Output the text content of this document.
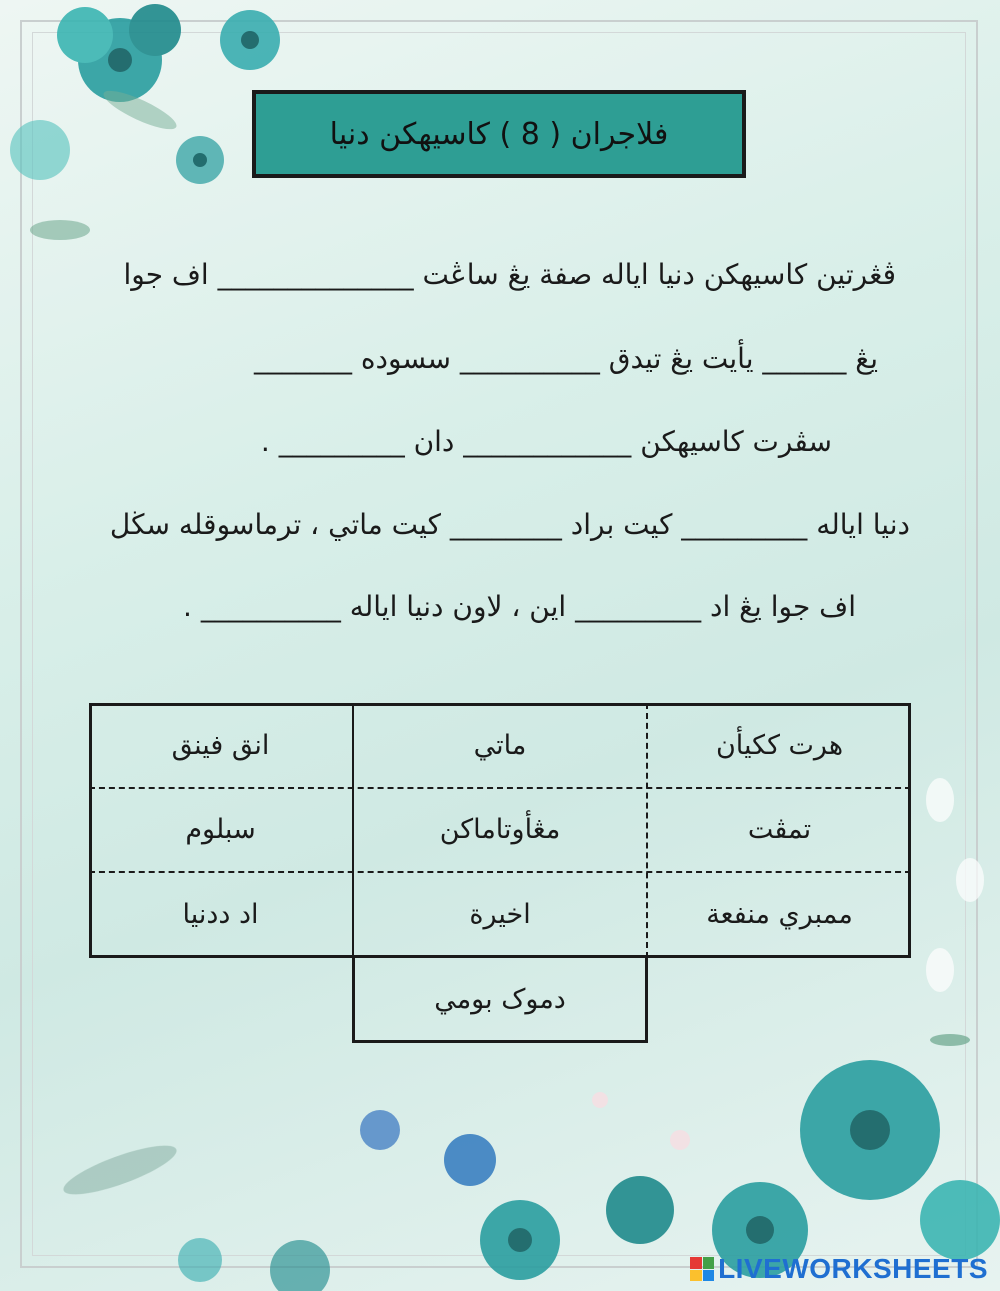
فلاجران ( 8 ) كاسيهكن دنيا
ڤڠرتين كاسيهكن دنيا اياله صفة يڠ ساڠت ______________ اف جوا
يڠ ______ يأيت يڠ تيدق __________ سسوده _______
سڤرت كاسيهكن ____________ دان _________ .
دنيا اياله _________ كيت براد ________ كيت ماتي ، ترماسوقله سڬل
اف جوا يڠ اد _________ اين ، لاون دنيا اياله __________ .
هرت ككيأن
ماتي
انق فينق
تمڤت
مڠأوتاماكن
سبلوم
ممبري منفعة
اخيرة
اد ددنيا
دموک بومي
LIVEWORKSHEETS
